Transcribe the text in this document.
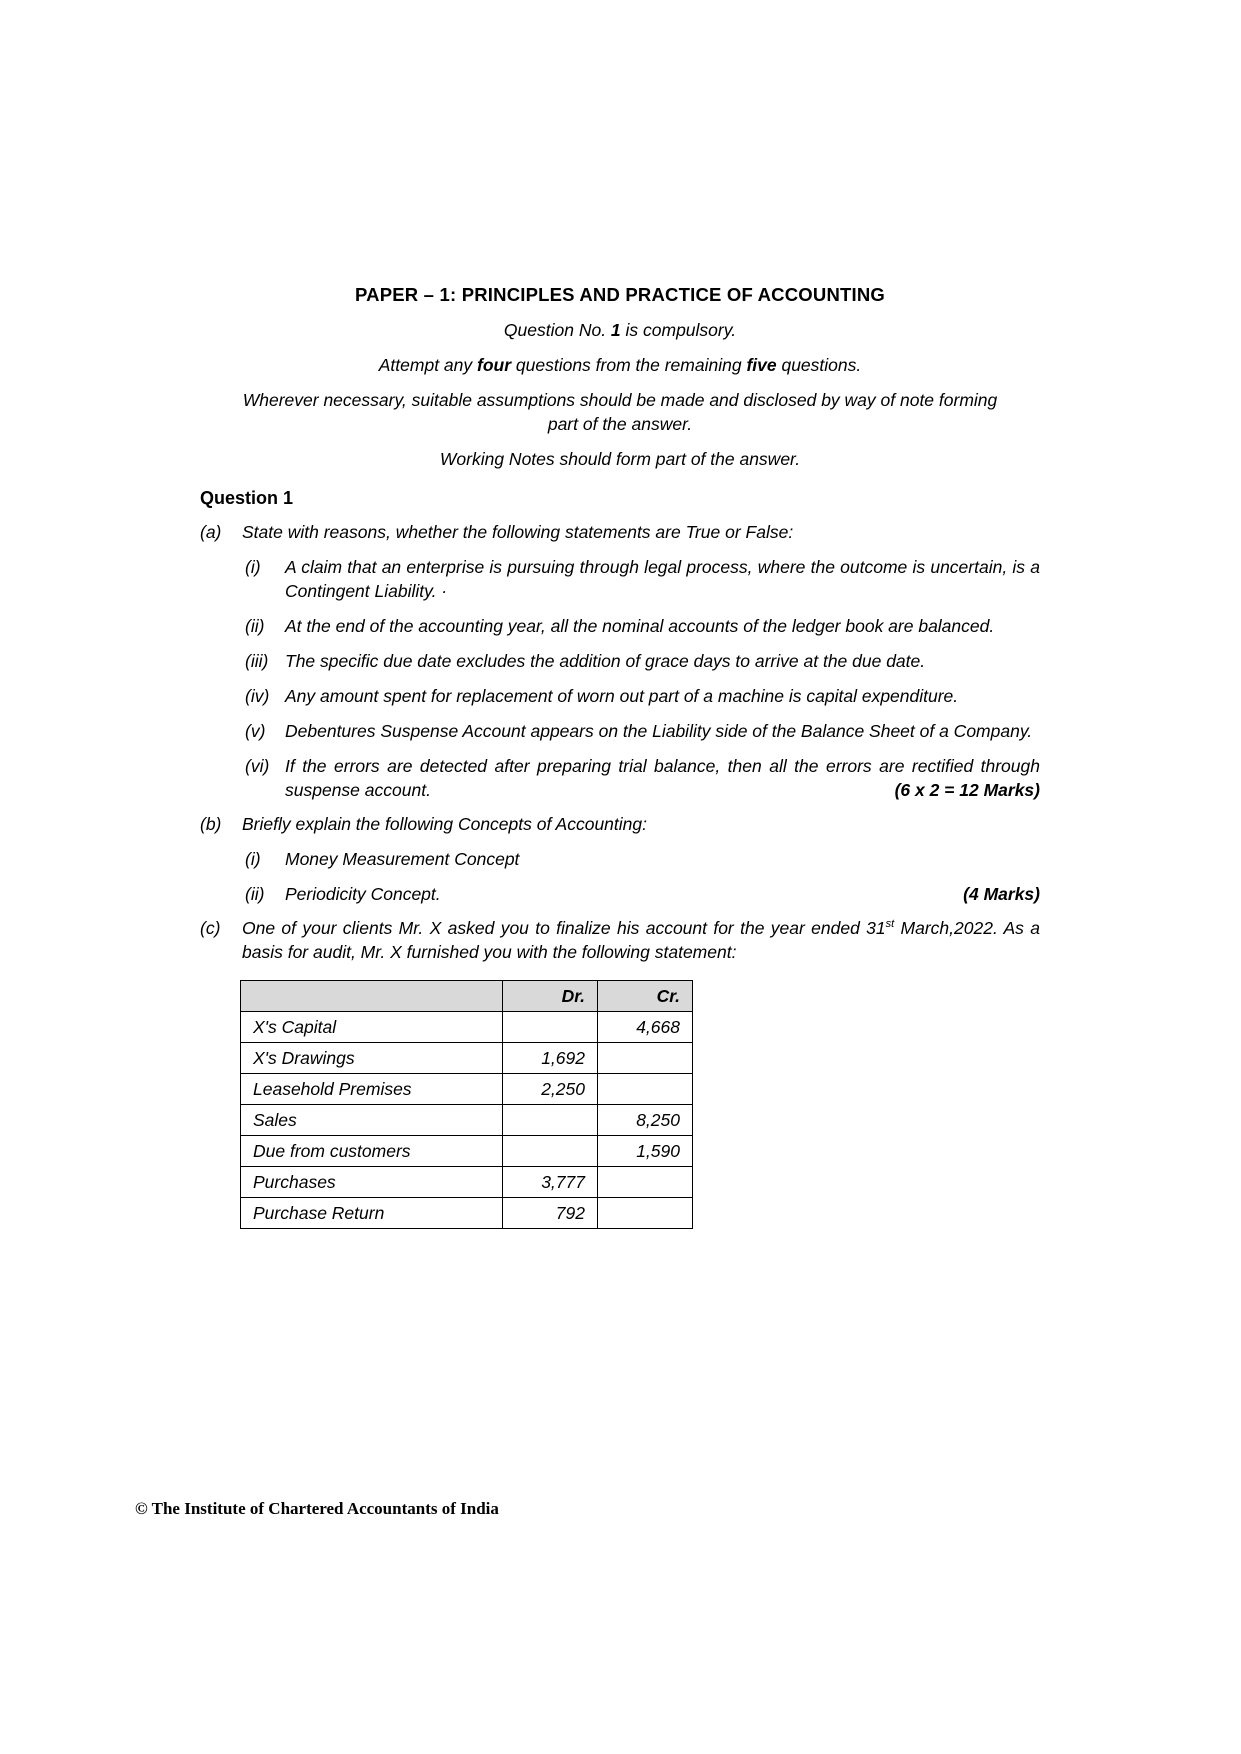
PAPER – 1: PRINCIPLES AND PRACTICE OF ACCOUNTING
Question No. 1 is compulsory.
Attempt any four questions from the remaining five questions.
Wherever necessary, suitable assumptions should be made and disclosed by way of note forming part of the answer.
Working Notes should form part of the answer.
Question 1
(a)	State with reasons, whether the following statements are True or False:
(i)	A claim that an enterprise is pursuing through legal process, where the outcome is uncertain, is a Contingent Liability. ·
(ii)	At the end of the accounting year, all the nominal accounts of the ledger book are balanced.
(iii) The specific due date excludes the addition of grace days to arrive at the due date.
(iv) Any amount spent for replacement of worn out part of a machine is capital expenditure.
(v)	Debentures Suspense Account appears on the Liability side of the Balance Sheet of a Company.
(vi) If the errors are detected after preparing trial balance, then all the errors are rectified through suspense account.	(6 x 2 = 12 Marks)
(b)	Briefly explain the following Concepts of Accounting:
(i)	Money Measurement Concept
(ii)	Periodicity Concept.	(4 Marks)
(c)	One of your clients Mr. X asked you to finalize his account for the year ended 31st March,2022. As a basis for audit, Mr. X furnished you with the following statement:
	Dr.	Cr.
X's Capital		4,668
X's Drawings	1,692	
Leasehold Premises	2,250	
Sales		8,250
Due from customers		1,590
Purchases	3,777	
Purchase Return	792	
© The Institute of Chartered Accountants of India
